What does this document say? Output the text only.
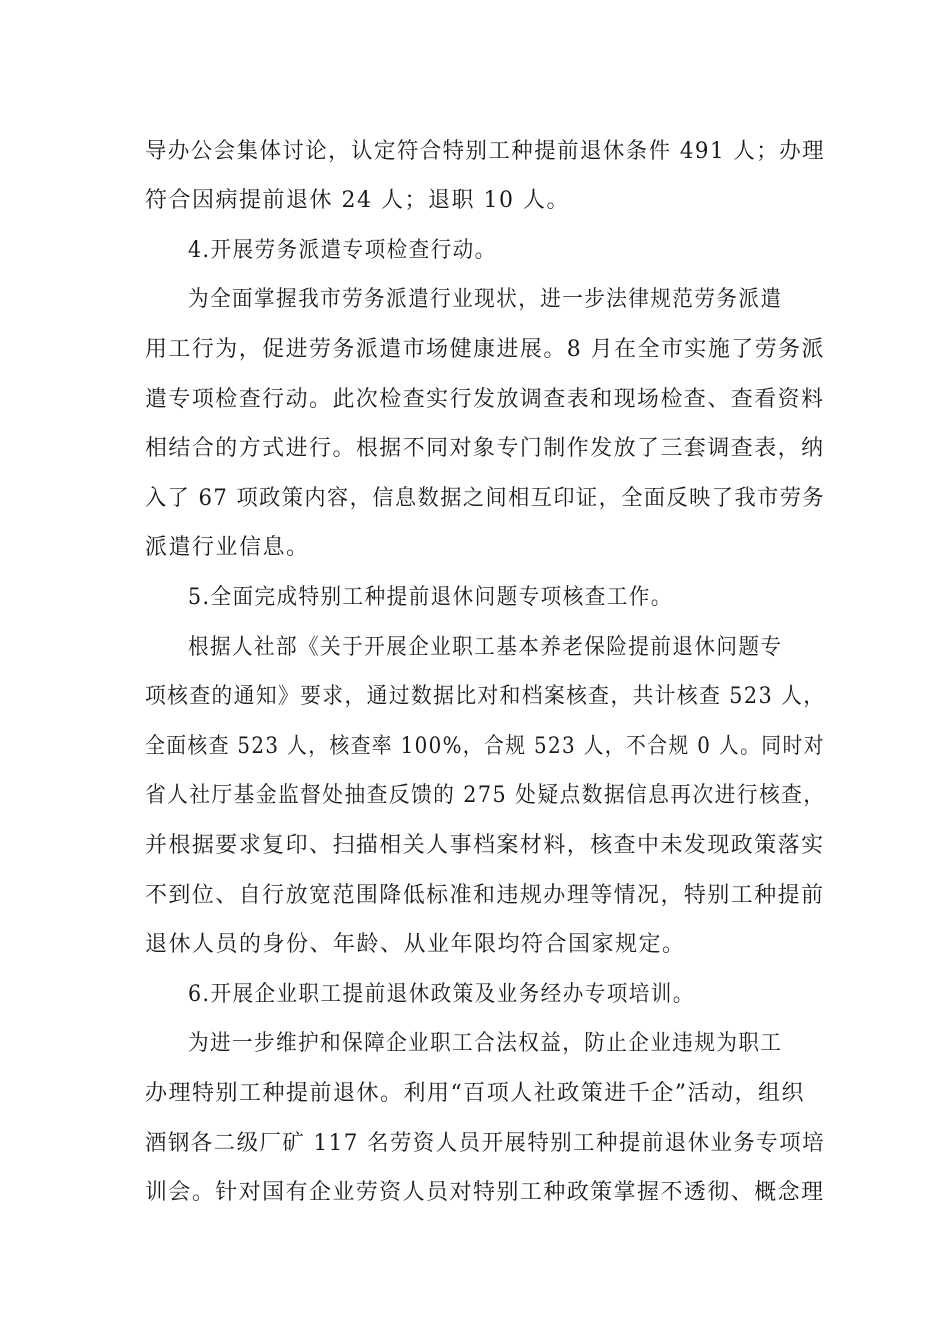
导办公会集体讨论，认定符合特别工种提前退休条件 491 人；办理
符合因病提前退休 24 人；退职 10 人。
4.开展劳务派遣专项检查行动。
为全面掌握我市劳务派遣行业现状，进一步法律规范劳务派遣
用工行为，促进劳务派遣市场健康进展。8 月在全市实施了劳务派
遣专项检查行动。此次检查实行发放调查表和现场检查、查看资料
相结合的方式进行。根据不同对象专门制作发放了三套调查表，纳
入了 67 项政策内容，信息数据之间相互印证，全面反映了我市劳务
派遣行业信息。
5.全面完成特别工种提前退休问题专项核查工作。
根据人社部《关于开展企业职工基本养老保险提前退休问题专
项核查的通知》要求，通过数据比对和档案核查，共计核查 523 人，
全面核查 523 人，核查率 100%，合规 523 人，不合规 0 人。同时对
省人社厅基金监督处抽查反馈的 275 处疑点数据信息再次进行核查，
并根据要求复印、扫描相关人事档案材料，核查中未发现政策落实
不到位、自行放宽范围降低标准和违规办理等情况，特别工种提前
退休人员的身份、年龄、从业年限均符合国家规定。
6.开展企业职工提前退休政策及业务经办专项培训。
为进一步维护和保障企业职工合法权益，防止企业违规为职工
办理特别工种提前退休。利用“百项人社政策进千企”活动，组织
酒钢各二级厂矿 117 名劳资人员开展特别工种提前退休业务专项培
训会。针对国有企业劳资人员对特别工种政策掌握不透彻、概念理
